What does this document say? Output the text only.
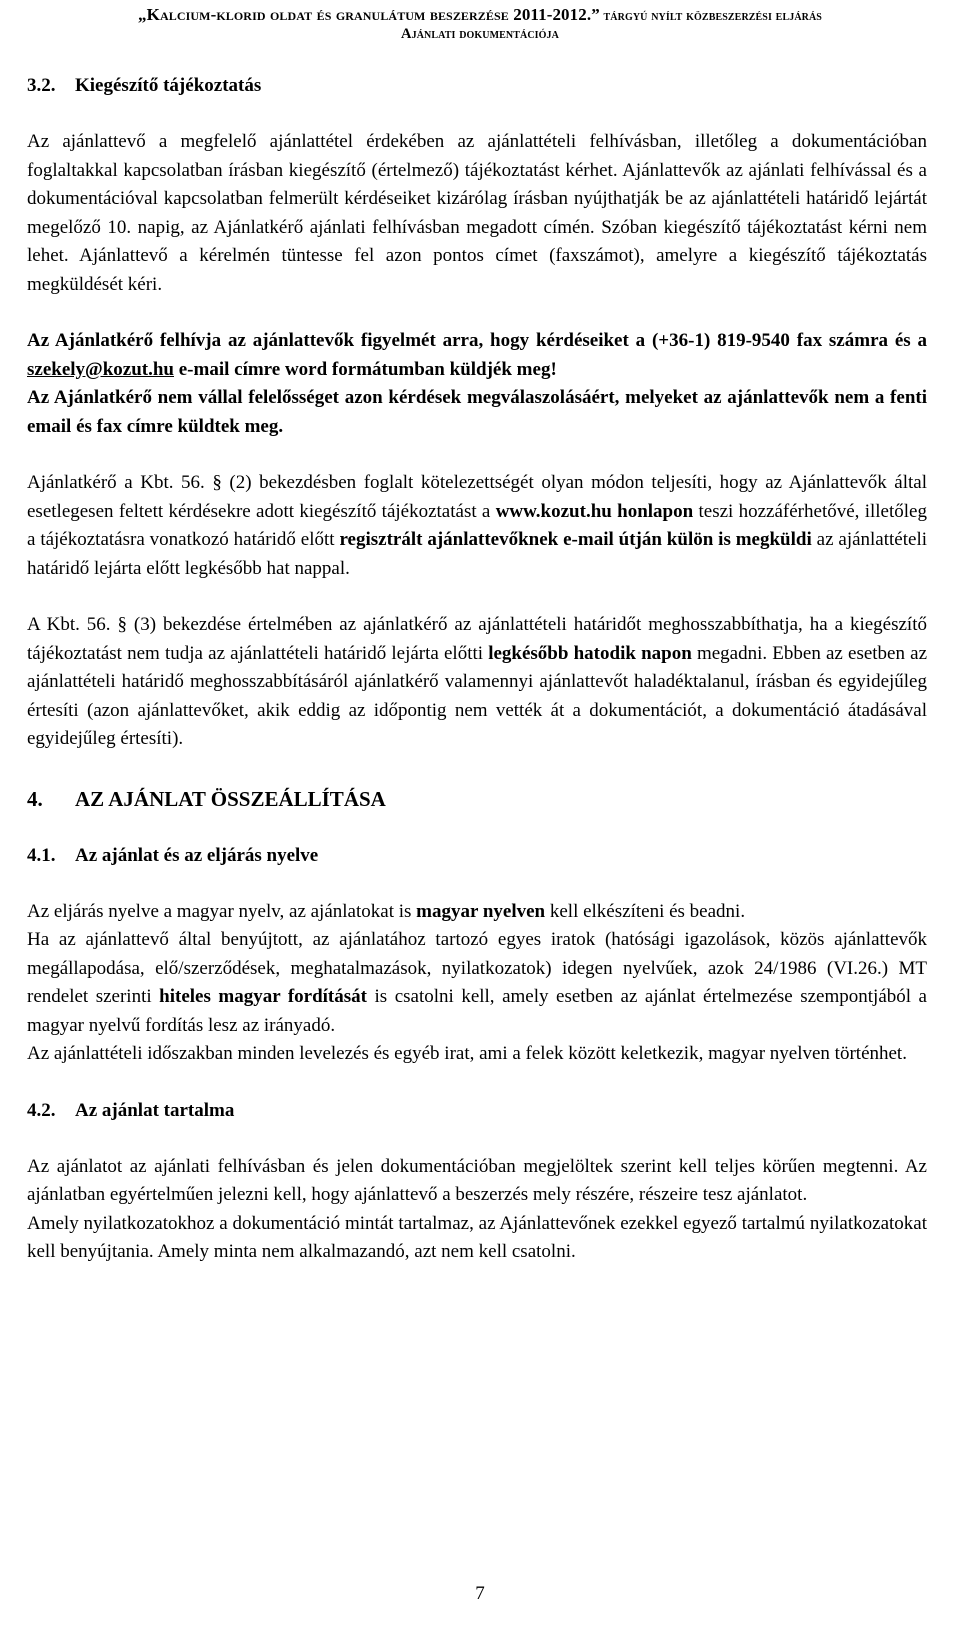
„Kalcium-klorid oldat és granulátum beszerzése 2011-2012.” tárgyú nyílt közbeszerzési eljárás
Ajánlati dokumentációja
3.2.	Kiegészítő tájékoztatás

Az ajánlattevő a megfelelő ajánlattétel érdekében az ajánlattételi felhívásban, illetőleg a dokumentációban foglaltakkal kapcsolatban írásban kiegészítő (értelmező) tájékoztatást kérhet. Ajánlattevők az ajánlati felhívással és a dokumentációval kapcsolatban felmerült kérdéseiket kizárólag írásban nyújthatják be az ajánlattételi határidő lejártát megelőző 10. napig, az Ajánlatkérő ajánlati felhívásban megadott címén. Szóban kiegészítő tájékoztatást kérni nem lehet. Ajánlattevő a kérelmén tüntesse fel azon pontos címet (faxszámot), amelyre a kiegészítő tájékoztatás megküldését kéri.

Az Ajánlatkérő felhívja az ajánlattevők figyelmét arra, hogy kérdéseiket a (+36-1) 819-9540 fax számra és a szekely@kozut.hu e-mail címre word formátumban küldjék meg!
Az Ajánlatkérő nem vállal felelősséget azon kérdések megválaszolásáért, melyeket az ajánlattevők nem a fenti email és fax címre küldtek meg.

Ajánlatkérő a Kbt. 56. § (2) bekezdésben foglalt kötelezettségét olyan módon teljesíti, hogy az Ajánlattevők által esetlegesen feltett kérdésekre adott kiegészítő tájékoztatást a www.kozut.hu honlapon teszi hozzáférhetővé, illetőleg a tájékoztatásra vonatkozó határidő előtt regisztrált ajánlattevőknek e-mail útján külön is megküldi az ajánlattételi határidő lejárta előtt legkésőbb hat nappal.

A Kbt. 56. § (3) bekezdése értelmében az ajánlatkérő az ajánlattételi határidőt meghosszabbíthatja, ha a kiegészítő tájékoztatást nem tudja az ajánlattételi határidő lejárta előtti legkésőbb hatodik napon megadni. Ebben az esetben az ajánlattételi határidő meghosszabbításáról ajánlatkérő valamennyi ajánlattevőt haladéktalanul, írásban és egyidejűleg értesíti (azon ajánlattevőket, akik eddig az időpontig nem vették át a dokumentációt, a dokumentáció átadásával egyidejűleg értesíti).

4.	AZ AJÁNLAT ÖSSZEÁLLÍTÁSA
4.1.	Az ajánlat és az eljárás nyelve

Az eljárás nyelve a magyar nyelv, az ajánlatokat is magyar nyelven kell elkészíteni és beadni.

Ha az ajánlattevő által benyújtott, az ajánlatához tartozó egyes iratok (hatósági igazolások, közös ajánlattevők megállapodása, elő/szerződések, meghatalmazások, nyilatkozatok) idegen nyelvűek, azok 24/1986 (VI.26.) MT rendelet szerinti hiteles magyar fordítását is csatolni kell, amely esetben az ajánlat értelmezése szempontjából a magyar nyelvű fordítás lesz az irányadó.

Az ajánlattételi időszakban minden levelezés és egyéb irat, ami a felek között keletkezik, magyar nyelven történhet.

4.2.	Az ajánlat tartalma

Az ajánlatot az ajánlati felhívásban és jelen dokumentációban megjelöltek szerint kell teljes körűen megtenni. Az ajánlatban egyértelműen jelezni kell, hogy ajánlattevő a beszerzés mely részére, részeire tesz ajánlatot.

Amely nyilatkozatokhoz a dokumentáció mintát tartalmaz, az Ajánlattevőnek ezekkel egyező tartalmú nyilatkozatokat kell benyújtania. Amely minta nem alkalmazandó, azt nem kell csatolni.

7
